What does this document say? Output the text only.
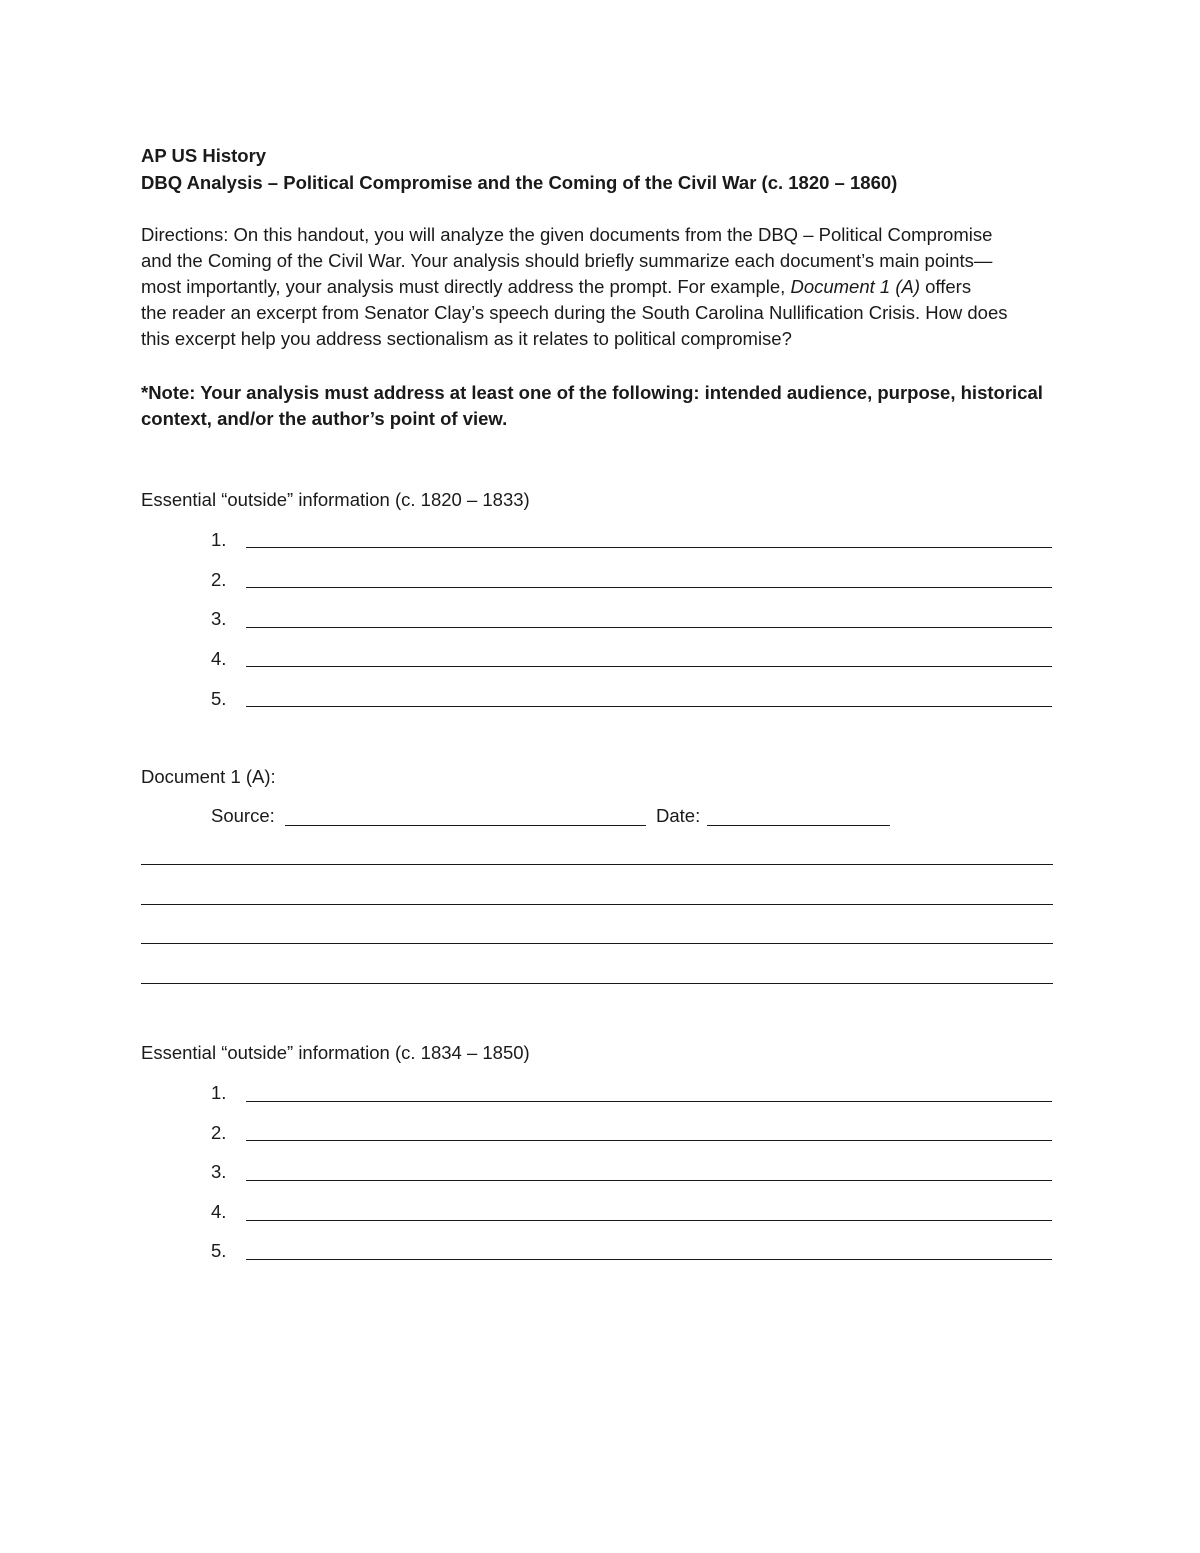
AP US History
DBQ Analysis – Political Compromise and the Coming of the Civil War (c. 1820 – 1860)
Directions: On this handout, you will analyze the given documents from the DBQ – Political Compromise
and the Coming of the Civil War. Your analysis should briefly summarize each document’s main points—
most importantly, your analysis must directly address the prompt. For example, Document 1 (A) offers
the reader an excerpt from Senator Clay’s speech during the South Carolina Nullification Crisis. How does
this excerpt help you address sectionalism as it relates to political compromise?
*Note: Your analysis must address at least one of the following: intended audience, purpose, historical
context, and/or the author’s point of view.
Essential “outside” information (c. 1820 – 1833)
1.
2.
3.
4.
5.
Document 1 (A):
Source:	Date:
Essential “outside” information (c. 1834 – 1850)
1.
2.
3.
4.
5.
